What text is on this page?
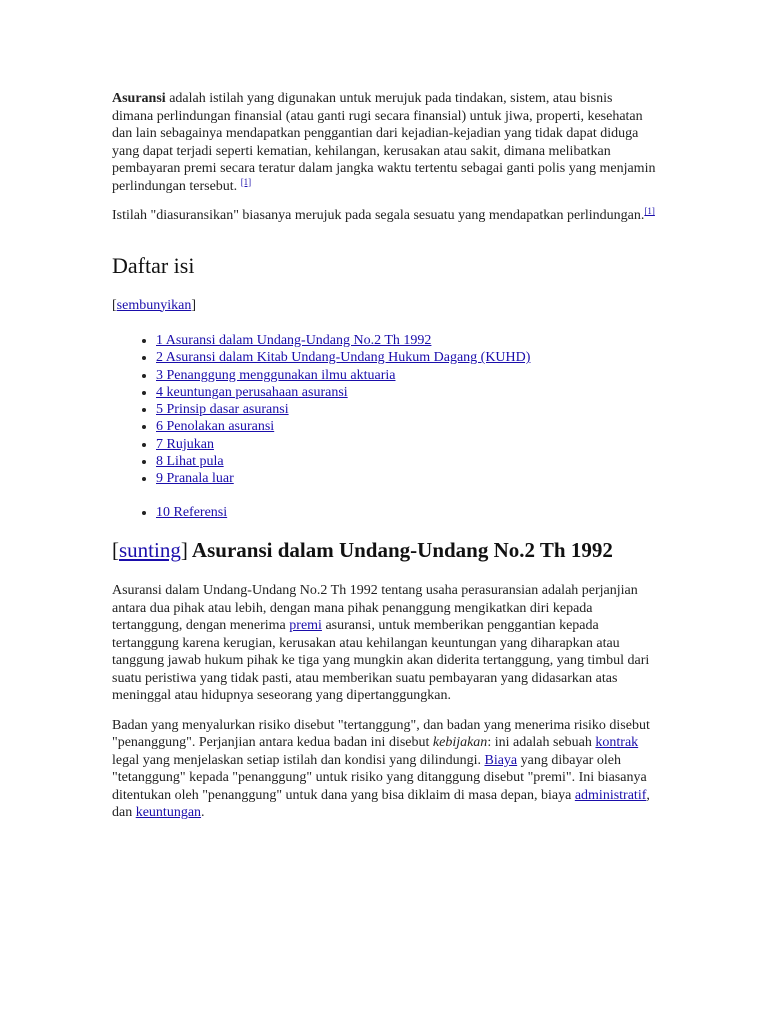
Asuransi adalah istilah yang digunakan untuk merujuk pada tindakan, sistem, atau bisnis dimana perlindungan finansial (atau ganti rugi secara finansial) untuk jiwa, properti, kesehatan dan lain sebagainya mendapatkan penggantian dari kejadian-kejadian yang tidak dapat diduga yang dapat terjadi seperti kematian, kehilangan, kerusakan atau sakit, dimana melibatkan pembayaran premi secara teratur dalam jangka waktu tertentu sebagai ganti polis yang menjamin perlindungan tersebut. [1]

Istilah "diasuransikan" biasanya merujuk pada segala sesuatu yang mendapatkan perlindungan.[1]

Daftar isi
[sembunyikan]
• 1 Asuransi dalam Undang-Undang No.2 Th 1992
• 2 Asuransi dalam Kitab Undang-Undang Hukum Dagang (KUHD)
• 3 Penanggung menggunakan ilmu aktuaria
• 4 keuntungan perusahaan asuransi
• 5 Prinsip dasar asuransi
• 6 Penolakan asuransi
• 7 Rujukan
• 8 Lihat pula
• 9 Pranala luar
• 10 Referensi
[sunting] Asuransi dalam Undang-Undang No.2 Th 1992

Asuransi dalam Undang-Undang No.2 Th 1992 tentang usaha perasuransian adalah perjanjian antara dua pihak atau lebih, dengan mana pihak penanggung mengikatkan diri kepada tertanggung, dengan menerima premi asuransi, untuk memberikan penggantian kepada tertanggung karena kerugian, kerusakan atau kehilangan keuntungan yang diharapkan atau tanggung jawab hukum pihak ke tiga yang mungkin akan diderita tertanggung, yang timbul dari suatu peristiwa yang tidak pasti, atau memberikan suatu pembayaran yang didasarkan atas meninggal atau hidupnya seseorang yang dipertanggungkan.

Badan yang menyalurkan risiko disebut "tertanggung", dan badan yang menerima risiko disebut "penanggung". Perjanjian antara kedua badan ini disebut kebijakan: ini adalah sebuah kontrak legal yang menjelaskan setiap istilah dan kondisi yang dilindungi. Biaya yang dibayar oleh "tetanggung" kepada "penanggung" untuk risiko yang ditanggung disebut "premi". Ini biasanya ditentukan oleh "penanggung" untuk dana yang bisa diklaim di masa depan, biaya administratif, dan keuntungan.
